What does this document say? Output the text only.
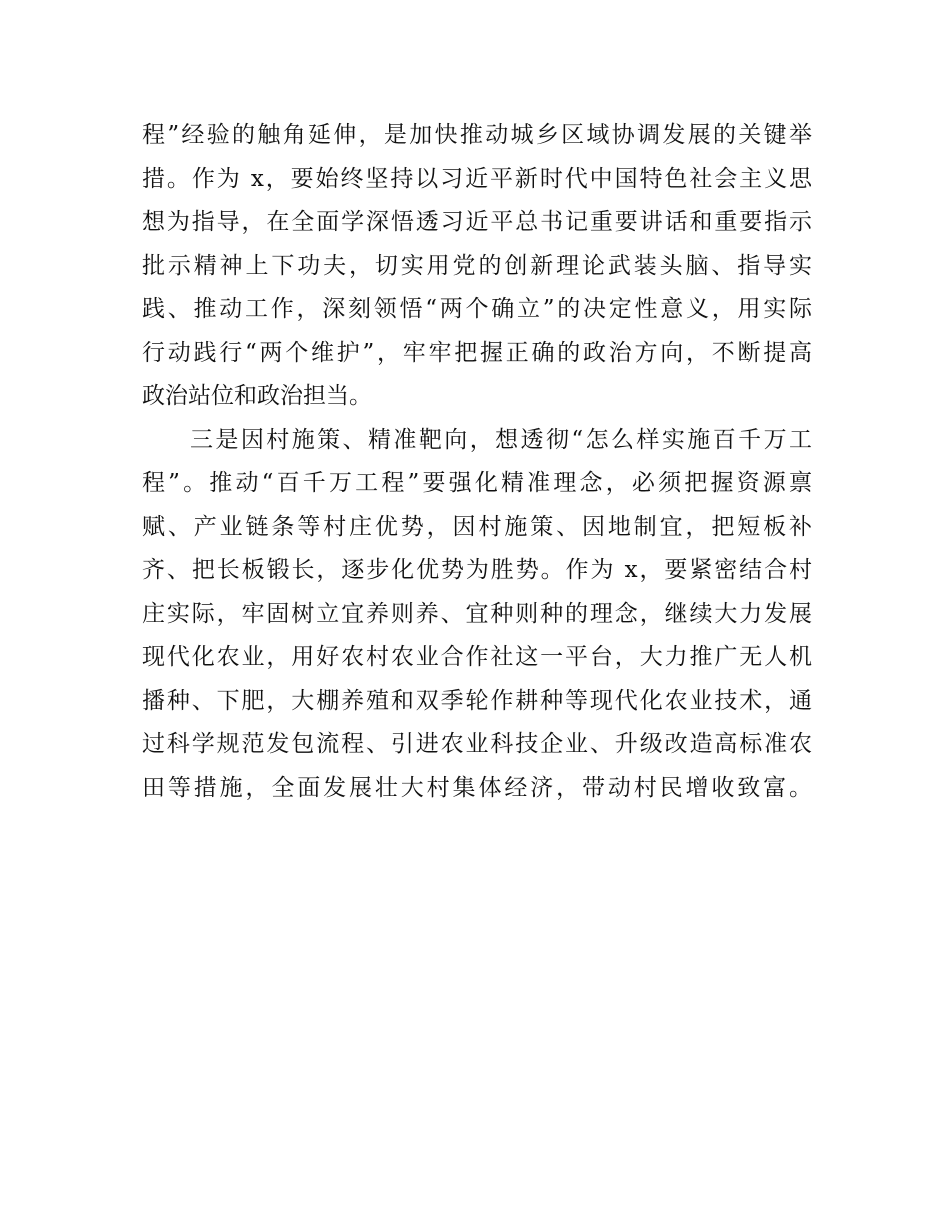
程”经验的触角延伸，是加快推动城乡区域协调发展的关键举
措。作为 x，要始终坚持以习近平新时代中国特色社会主义思
想为指导，在全面学深悟透习近平总书记重要讲话和重要指示
批示精神上下功夫，切实用党的创新理论武装头脑、指导实
践、推动工作，深刻领悟“两个确立”的决定性意义，用实际
行动践行“两个维护”，牢牢把握正确的政治方向，不断提高
政治站位和政治担当。
三是因村施策、精准靶向，想透彻“怎么样实施百千万工
程”。推动“百千万工程”要强化精准理念，必须把握资源禀
赋、产业链条等村庄优势，因村施策、因地制宜，把短板补
齐、把长板锻长，逐步化优势为胜势。作为 x，要紧密结合村
庄实际，牢固树立宜养则养、宜种则种的理念，继续大力发展
现代化农业，用好农村农业合作社这一平台，大力推广无人机
播种、下肥，大棚养殖和双季轮作耕种等现代化农业技术，通
过科学规范发包流程、引进农业科技企业、升级改造高标准农
田等措施，全面发展壮大村集体经济，带动村民增收致富。
